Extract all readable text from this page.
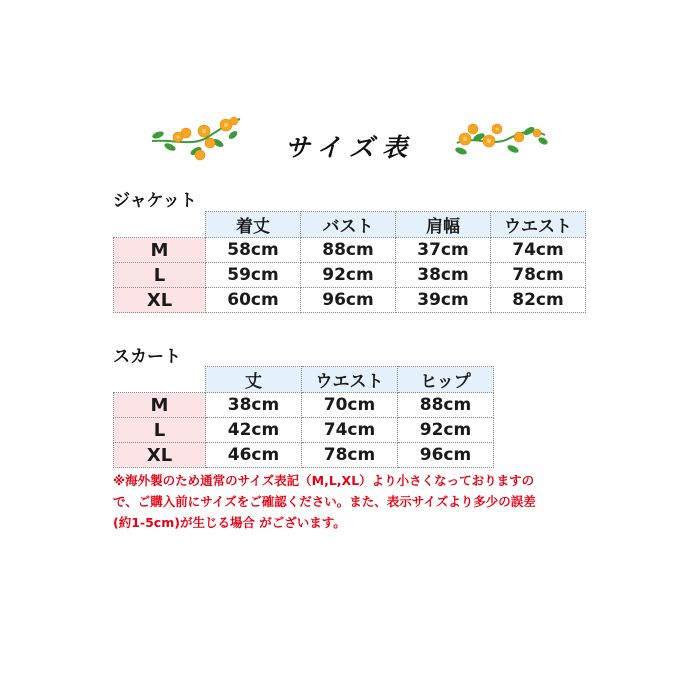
サイズ表
ジャケット
	着丈	バスト	肩幅	ウエスト
M	58cm	88cm	37cm	74cm
L	59cm	92cm	38cm	78cm
XL	60cm	96cm	39cm	82cm
スカート
	丈	ウエスト	ヒップ
M	38cm	70cm	88cm
L	42cm	74cm	92cm
XL	46cm	78cm	96cm
※海外製のため通常のサイズ表記（M,L,XL）より小さくなっておりますの
で、ご購入前にサイズをご確認ください。また、表示サイズより多少の誤差
(約1-5cm)が生じる場合 がございます。
